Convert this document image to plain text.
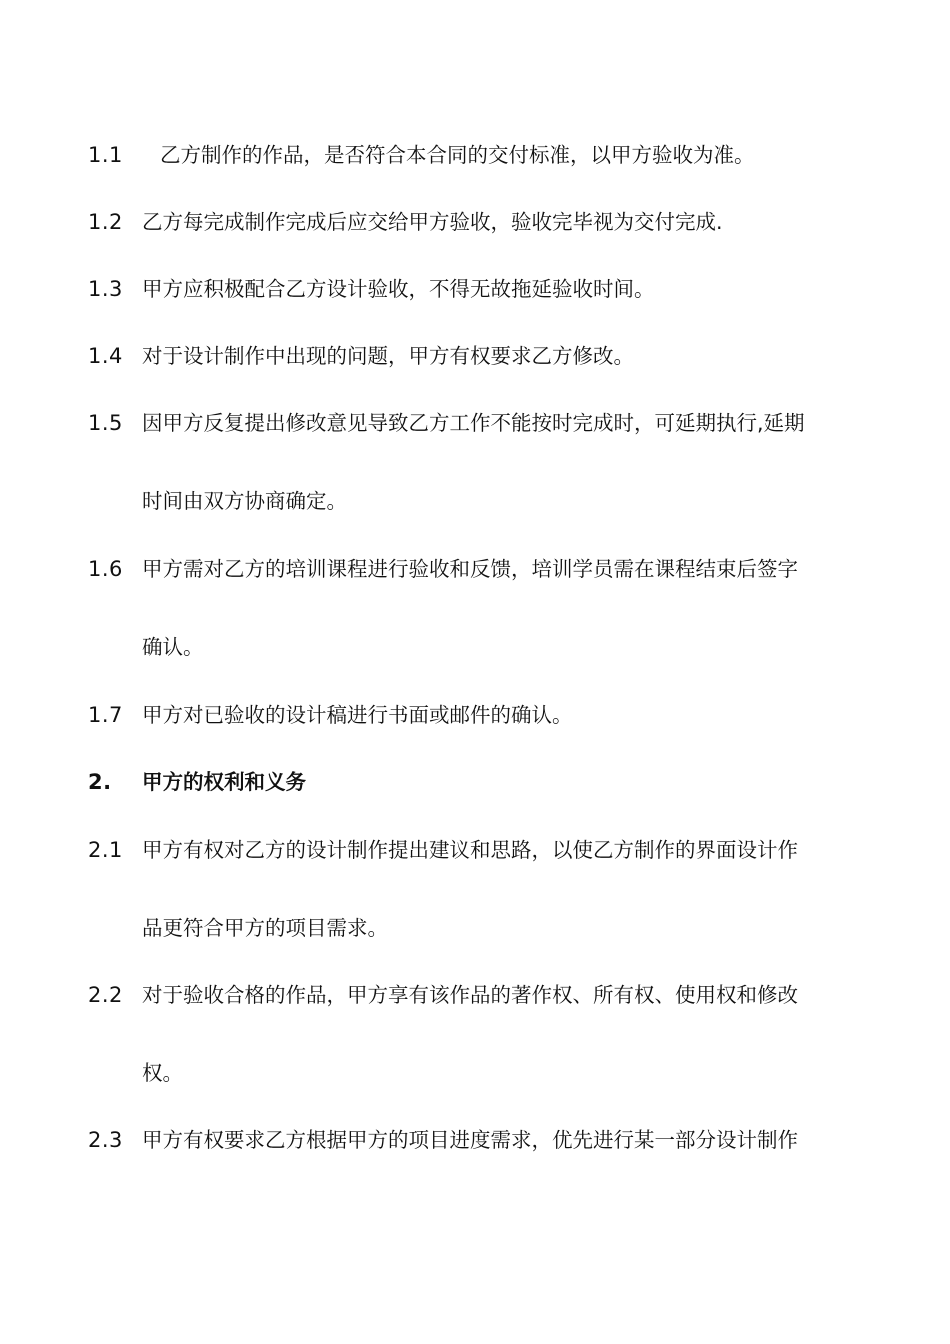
1.1 乙方制作的作品，是否符合本合同的交付标准，以甲方验收为准。
1.2 乙方每完成制作完成后应交给甲方验收，验收完毕视为交付完成.
1.3 甲方应积极配合乙方设计验收，不得无故拖延验收时间。
1.4 对于设计制作中出现的问题，甲方有权要求乙方修改。
1.5 因甲方反复提出修改意见导致乙方工作不能按时完成时，可延期执行,延期
时间由双方协商确定。
1.6 甲方需对乙方的培训课程进行验收和反馈，培训学员需在课程结束后签字
确认。
1.7 甲方对已验收的设计稿进行书面或邮件的确认。
2. 甲方的权利和义务
2.1 甲方有权对乙方的设计制作提出建议和思路，以使乙方制作的界面设计作
品更符合甲方的项目需求。
2.2 对于验收合格的作品，甲方享有该作品的著作权、所有权、使用权和修改
权。
2.3 甲方有权要求乙方根据甲方的项目进度需求，优先进行某一部分设计制作
